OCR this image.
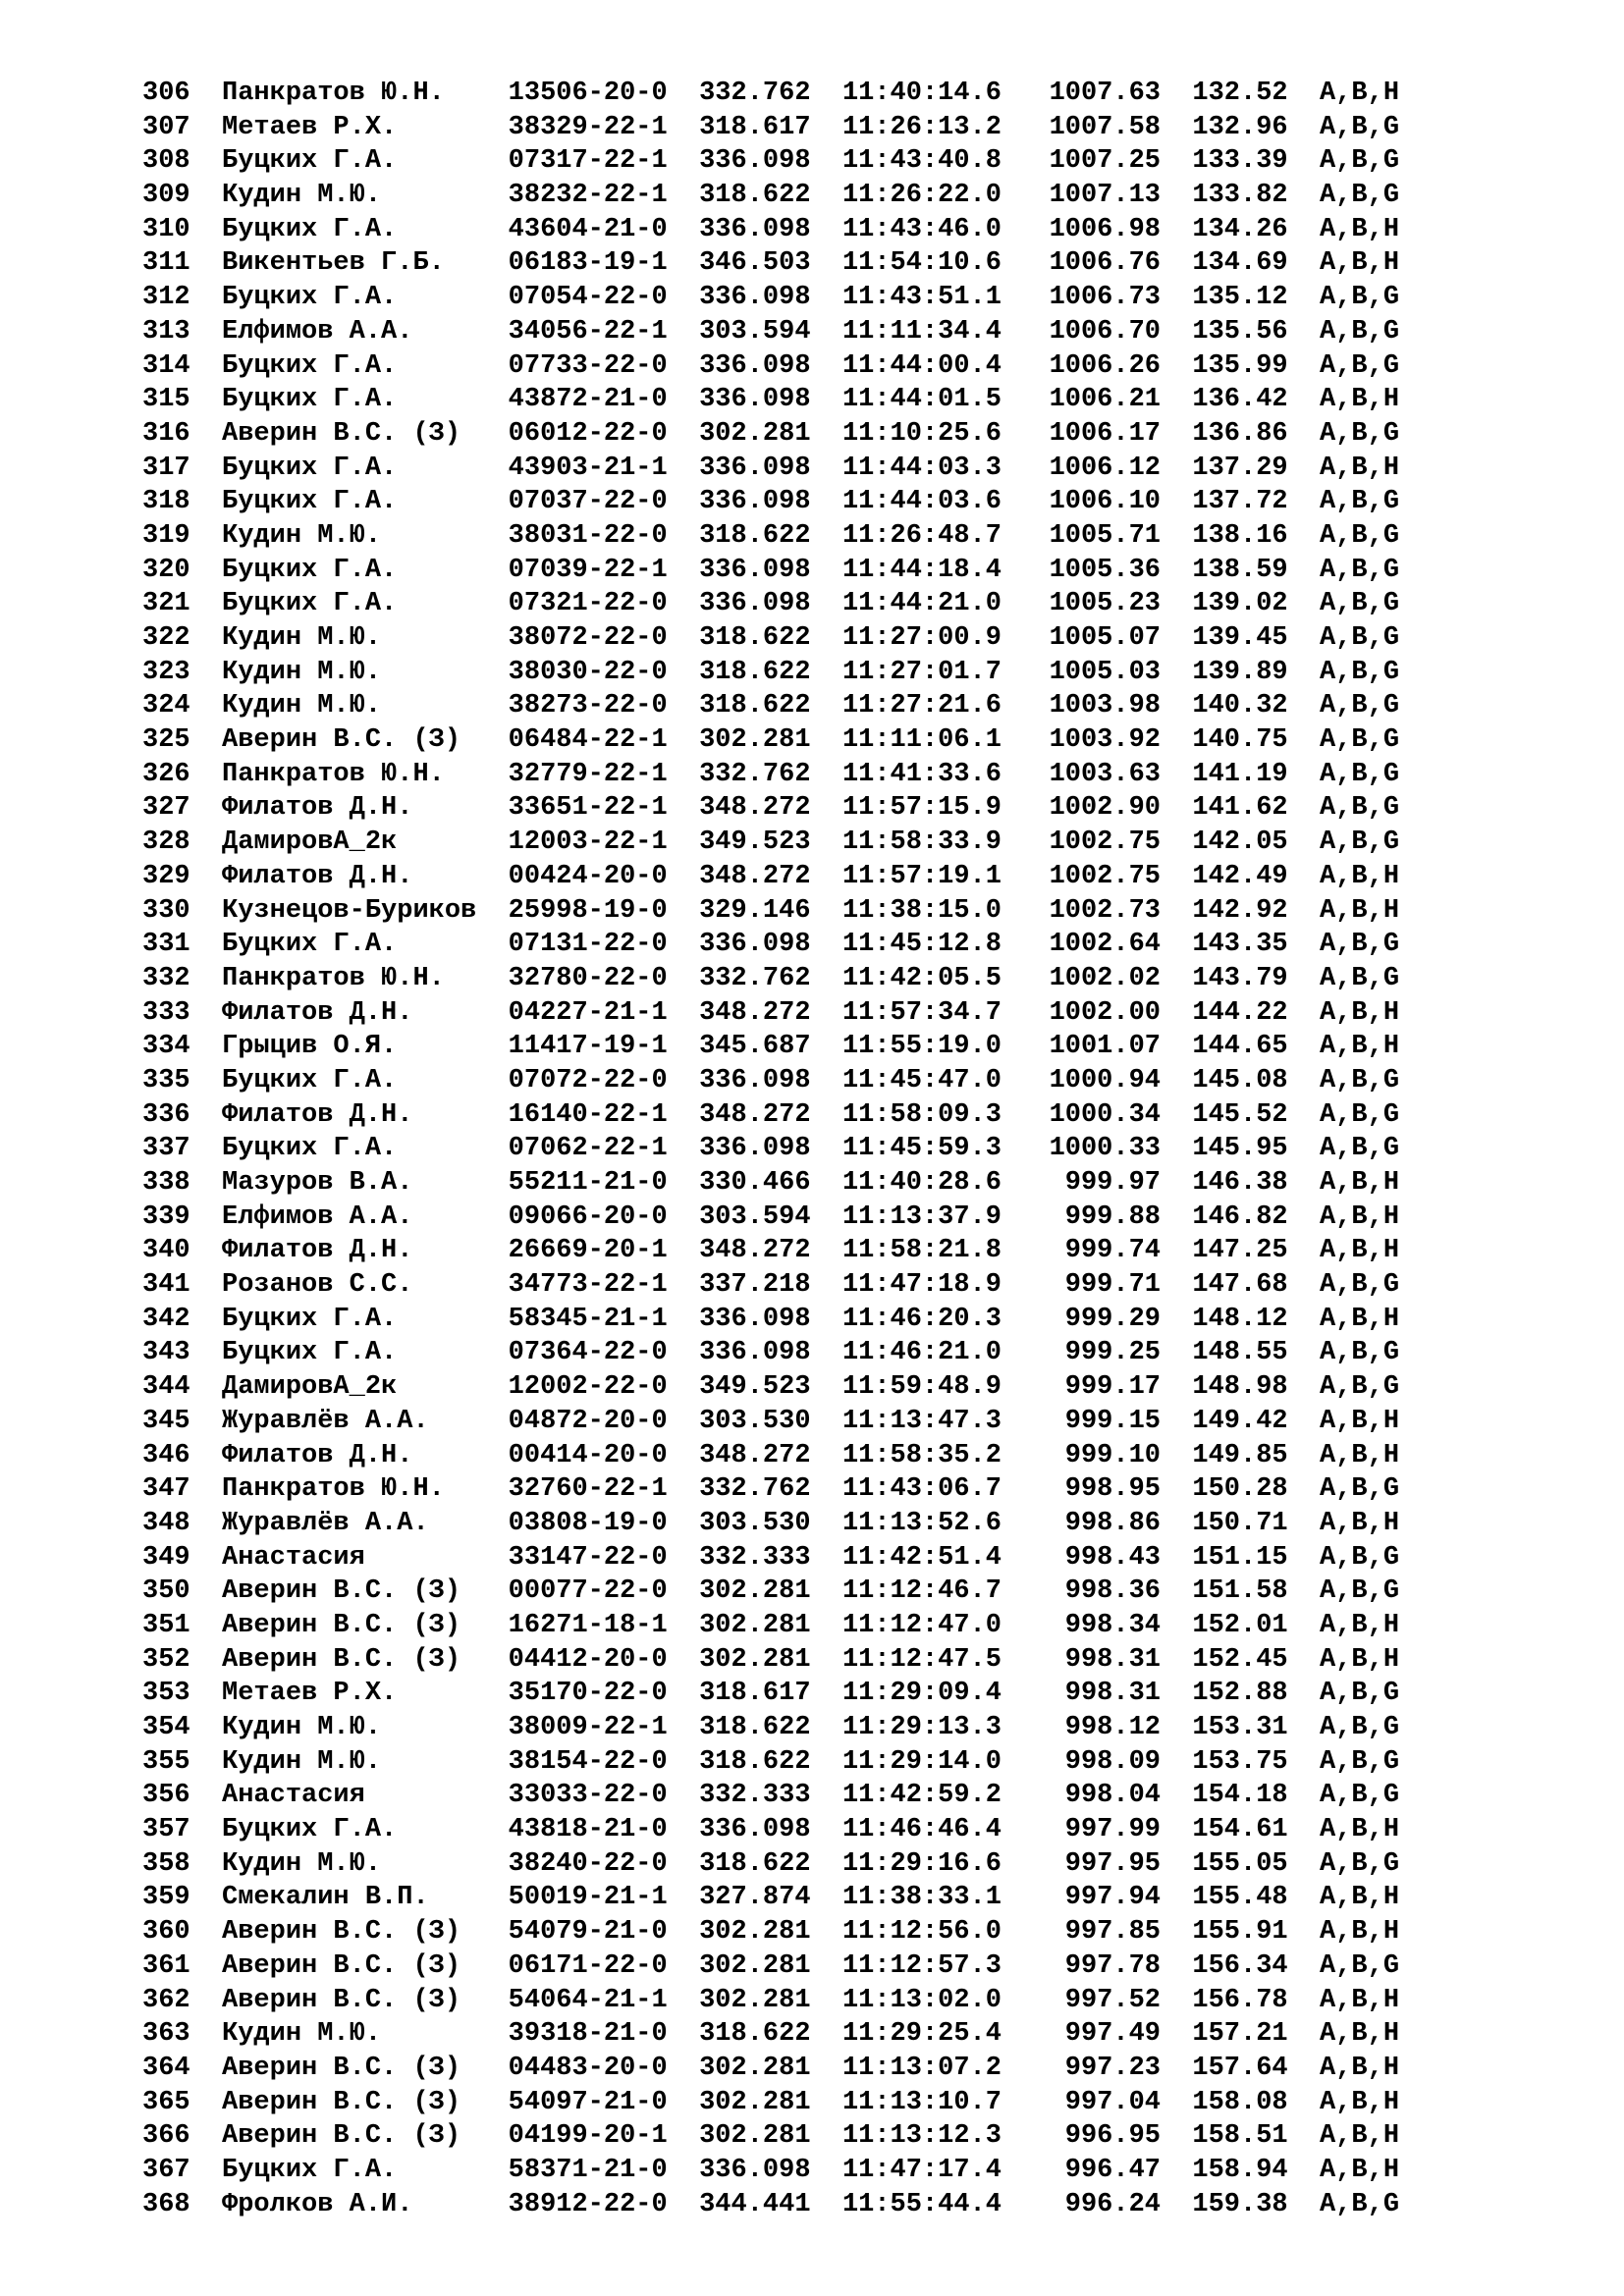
306  Панкратов Ю.Н.    13506-20-0  332.762  11:40:14.6   1007.63  132.52  A,B,H
307  Метаев Р.Х.       38329-22-1  318.617  11:26:13.2   1007.58  132.96  A,B,G
308  Буцких Г.А.       07317-22-1  336.098  11:43:40.8   1007.25  133.39  A,B,G
309  Кудин М.Ю.        38232-22-1  318.622  11:26:22.0   1007.13  133.82  A,B,G
310  Буцких Г.А.       43604-21-0  336.098  11:43:46.0   1006.98  134.26  A,B,H
311  Викентьев Г.Б.    06183-19-1  346.503  11:54:10.6   1006.76  134.69  A,B,H
312  Буцких Г.А.       07054-22-0  336.098  11:43:51.1   1006.73  135.12  A,B,G
313  Елфимов А.А.      34056-22-1  303.594  11:11:34.4   1006.70  135.56  A,B,G
314  Буцких Г.А.       07733-22-0  336.098  11:44:00.4   1006.26  135.99  A,B,G
315  Буцких Г.А.       43872-21-0  336.098  11:44:01.5   1006.21  136.42  A,B,H
316  Аверин В.С. (З)   06012-22-0  302.281  11:10:25.6   1006.17  136.86  A,B,G
317  Буцких Г.А.       43903-21-1  336.098  11:44:03.3   1006.12  137.29  A,B,H
318  Буцких Г.А.       07037-22-0  336.098  11:44:03.6   1006.10  137.72  A,B,G
319  Кудин М.Ю.        38031-22-0  318.622  11:26:48.7   1005.71  138.16  A,B,G
320  Буцких Г.А.       07039-22-1  336.098  11:44:18.4   1005.36  138.59  A,B,G
321  Буцких Г.А.       07321-22-0  336.098  11:44:21.0   1005.23  139.02  A,B,G
322  Кудин М.Ю.        38072-22-0  318.622  11:27:00.9   1005.07  139.45  A,B,G
323  Кудин М.Ю.        38030-22-0  318.622  11:27:01.7   1005.03  139.89  A,B,G
324  Кудин М.Ю.        38273-22-0  318.622  11:27:21.6   1003.98  140.32  A,B,G
325  Аверин В.С. (З)   06484-22-1  302.281  11:11:06.1   1003.92  140.75  A,B,G
326  Панкратов Ю.Н.    32779-22-1  332.762  11:41:33.6   1003.63  141.19  A,B,G
327  Филатов Д.Н.      33651-22-1  348.272  11:57:15.9   1002.90  141.62  A,B,G
328  ДамировА_2к       12003-22-1  349.523  11:58:33.9   1002.75  142.05  A,B,G
329  Филатов Д.Н.      00424-20-0  348.272  11:57:19.1   1002.75  142.49  A,B,H
330  Кузнецов-Буриков  25998-19-0  329.146  11:38:15.0   1002.73  142.92  A,B,H
331  Буцких Г.А.       07131-22-0  336.098  11:45:12.8   1002.64  143.35  A,B,G
332  Панкратов Ю.Н.    32780-22-0  332.762  11:42:05.5   1002.02  143.79  A,B,G
333  Филатов Д.Н.      04227-21-1  348.272  11:57:34.7   1002.00  144.22  A,B,H
334  Грыцив О.Я.       11417-19-1  345.687  11:55:19.0   1001.07  144.65  A,B,H
335  Буцких Г.А.       07072-22-0  336.098  11:45:47.0   1000.94  145.08  A,B,G
336  Филатов Д.Н.      16140-22-1  348.272  11:58:09.3   1000.34  145.52  A,B,G
337  Буцких Г.А.       07062-22-1  336.098  11:45:59.3   1000.33  145.95  A,B,G
338  Мазуров В.А.      55211-21-0  330.466  11:40:28.6    999.97  146.38  A,B,H
339  Елфимов А.А.      09066-20-0  303.594  11:13:37.9    999.88  146.82  A,B,H
340  Филатов Д.Н.      26669-20-1  348.272  11:58:21.8    999.74  147.25  A,B,H
341  Розанов С.С.      34773-22-1  337.218  11:47:18.9    999.71  147.68  A,B,G
342  Буцких Г.А.       58345-21-1  336.098  11:46:20.3    999.29  148.12  A,B,H
343  Буцких Г.А.       07364-22-0  336.098  11:46:21.0    999.25  148.55  A,B,G
344  ДамировА_2к       12002-22-0  349.523  11:59:48.9    999.17  148.98  A,B,G
345  Журавлёв А.А.     04872-20-0  303.530  11:13:47.3    999.15  149.42  A,B,H
346  Филатов Д.Н.      00414-20-0  348.272  11:58:35.2    999.10  149.85  A,B,H
347  Панкратов Ю.Н.    32760-22-1  332.762  11:43:06.7    998.95  150.28  A,B,G
348  Журавлёв А.А.     03808-19-0  303.530  11:13:52.6    998.86  150.71  A,B,H
349  Анастасия         33147-22-0  332.333  11:42:51.4    998.43  151.15  A,B,G
350  Аверин В.С. (З)   00077-22-0  302.281  11:12:46.7    998.36  151.58  A,B,G
351  Аверин В.С. (З)   16271-18-1  302.281  11:12:47.0    998.34  152.01  A,B,H
352  Аверин В.С. (З)   04412-20-0  302.281  11:12:47.5    998.31  152.45  A,B,H
353  Метаев Р.Х.       35170-22-0  318.617  11:29:09.4    998.31  152.88  A,B,G
354  Кудин М.Ю.        38009-22-1  318.622  11:29:13.3    998.12  153.31  A,B,G
355  Кудин М.Ю.        38154-22-0  318.622  11:29:14.0    998.09  153.75  A,B,G
356  Анастасия         33033-22-0  332.333  11:42:59.2    998.04  154.18  A,B,G
357  Буцких Г.А.       43818-21-0  336.098  11:46:46.4    997.99  154.61  A,B,H
358  Кудин М.Ю.        38240-22-0  318.622  11:29:16.6    997.95  155.05  A,B,G
359  Смекалин В.П.     50019-21-1  327.874  11:38:33.1    997.94  155.48  A,B,H
360  Аверин В.С. (З)   54079-21-0  302.281  11:12:56.0    997.85  155.91  A,B,H
361  Аверин В.С. (З)   06171-22-0  302.281  11:12:57.3    997.78  156.34  A,B,G
362  Аверин В.С. (З)   54064-21-1  302.281  11:13:02.0    997.52  156.78  A,B,H
363  Кудин М.Ю.        39318-21-0  318.622  11:29:25.4    997.49  157.21  A,B,H
364  Аверин В.С. (З)   04483-20-0  302.281  11:13:07.2    997.23  157.64  A,B,H
365  Аверин В.С. (З)   54097-21-0  302.281  11:13:10.7    997.04  158.08  A,B,H
366  Аверин В.С. (З)   04199-20-1  302.281  11:13:12.3    996.95  158.51  A,B,H
367  Буцких Г.А.       58371-21-0  336.098  11:47:17.4    996.47  158.94  A,B,H
368  Фролков А.И.      38912-22-0  344.441  11:55:44.4    996.24  159.38  A,B,G
